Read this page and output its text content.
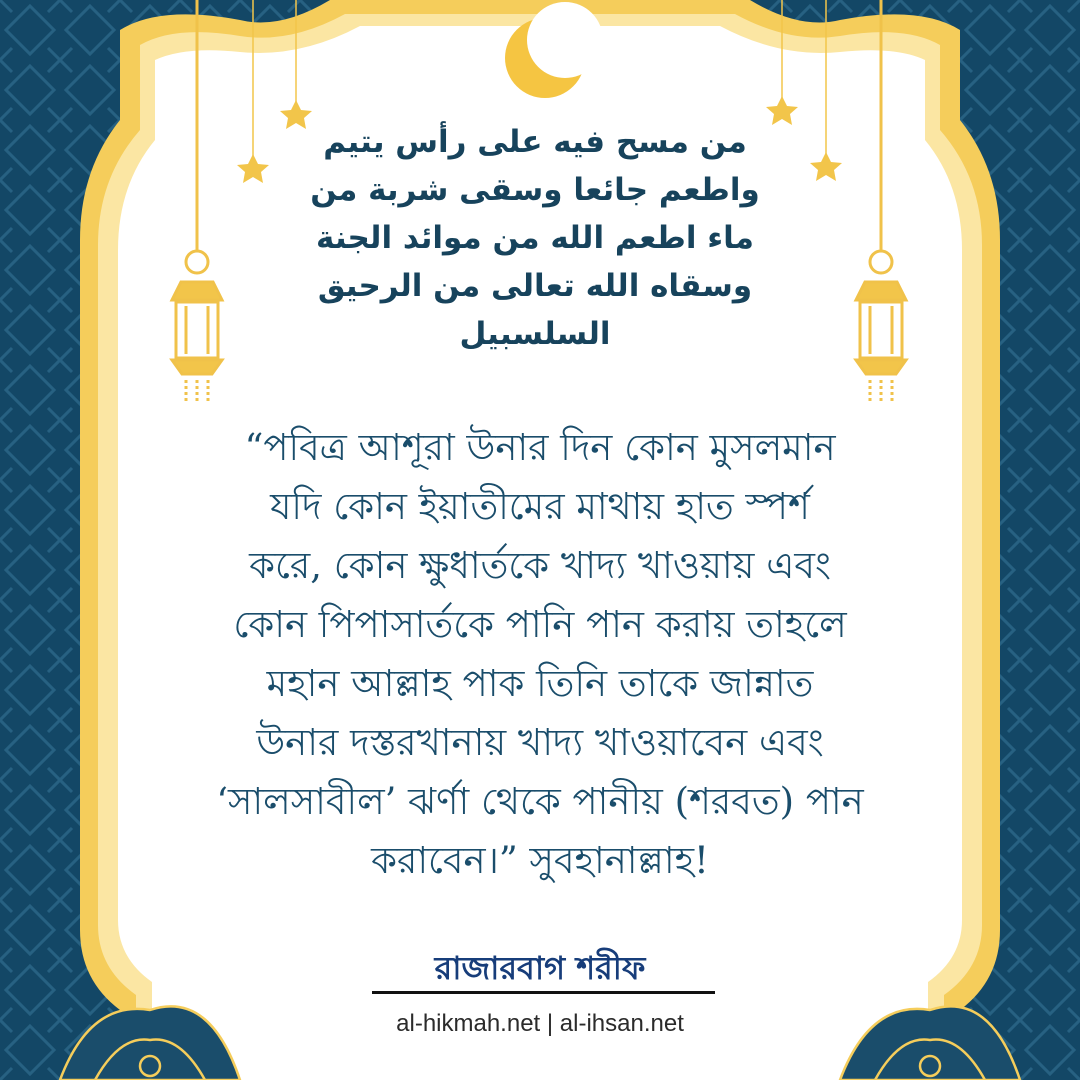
من مسح فيه على رأس يتيم
واطعم جائعا وسقى شربة من
ماء اطعم الله من موائد الجنة
وسقاه الله تعالى من الرحيق
السلسبيل

“পবিত্র আশূরা উনার দিন কোন মুসলমান
যদি কোন ইয়াতীমের মাথায় হাত স্পর্শ
করে, কোন ক্ষুধার্তকে খাদ্য খাওয়ায় এবং
কোন পিপাসার্তকে পানি পান করায় তাহলে
মহান আল্লাহ পাক তিনি তাকে জান্নাত
উনার দস্তরখানায় খাদ্য খাওয়াবেন এবং
‘সালসাবীল’ ঝর্ণা থেকে পানীয় (শরবত) পান
করাবেন।” সুবহানাল্লাহ!

রাজারবাগ শরীফ

al-hikmah.net | al-ihsan.net
